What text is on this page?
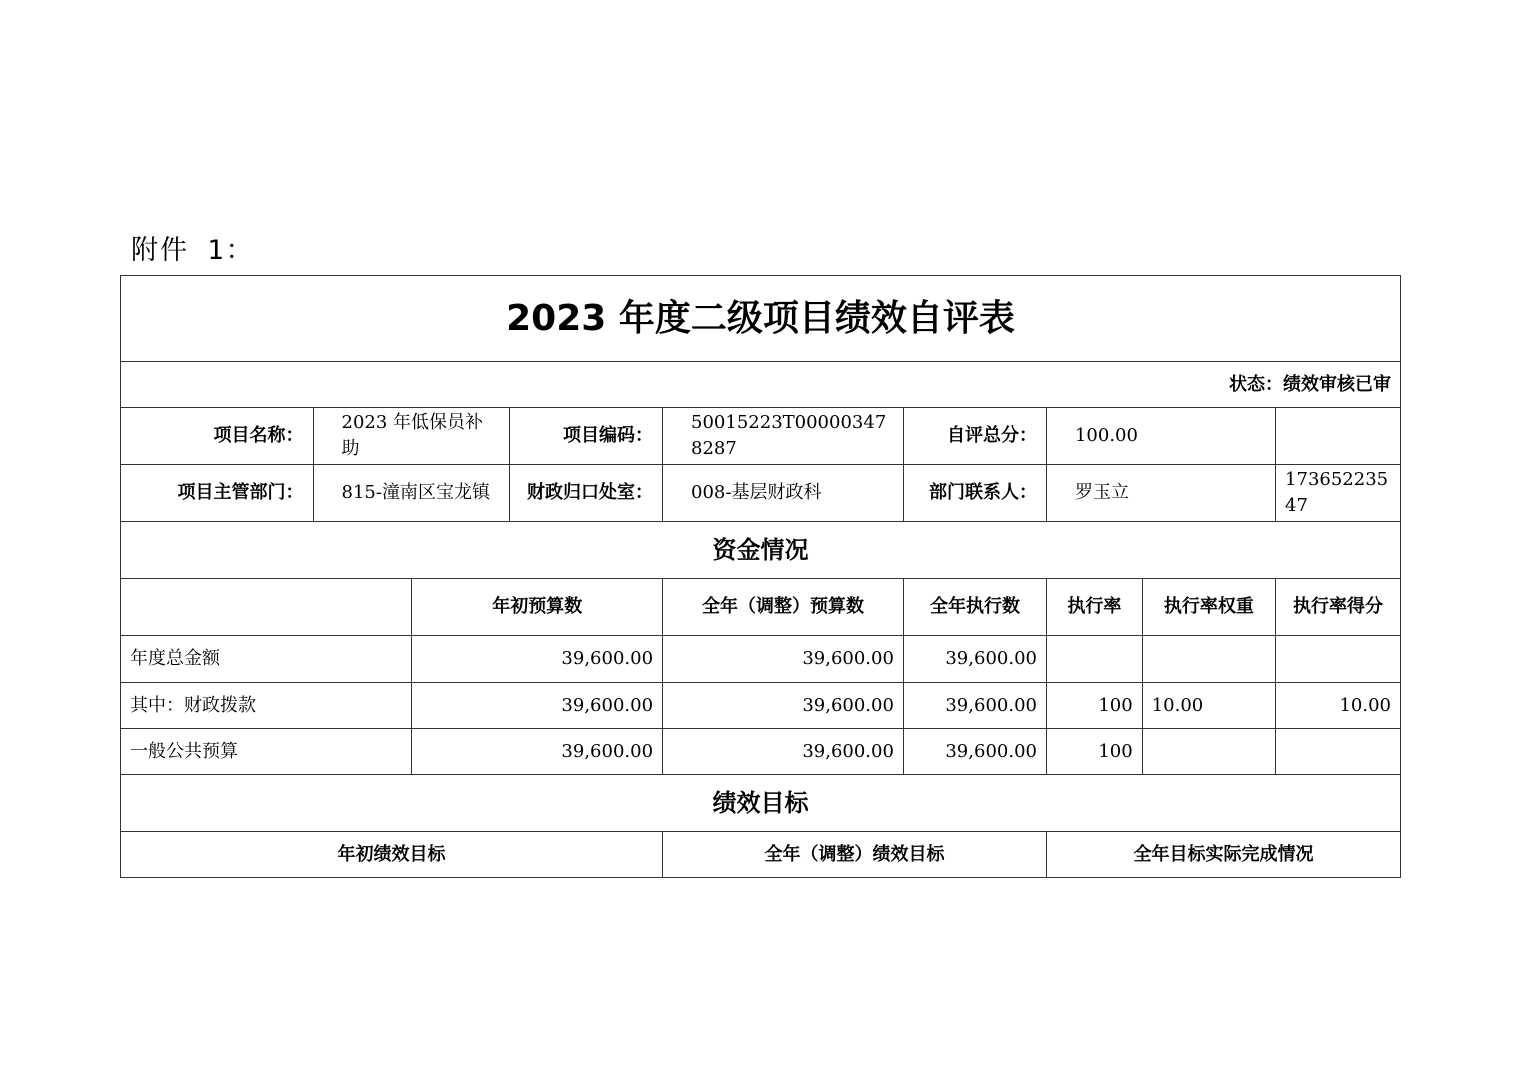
附件 1：
2023 年度二级项目绩效自评表								
状态：绩效审核已审								
项目名称：	2023 年低保员补助		项目编码：	50015223T000003478287	自评总分：	100.00		
项目主管部门：	815-潼南区宝龙镇		财政归口处室：	008-基层财政科	部门联系人：	罗玉立		17365223547
资金情况								
		年初预算数		全年（调整）预算数	全年执行数	执行率	执行率权重	执行率得分
年度总金额		39,600.00		39,600.00	39,600.00			
其中：财政拨款		39,600.00		39,600.00	39,600.00	100	10.00	10.00
一般公共预算		39,600.00		39,600.00	39,600.00	100		
绩效目标								
年初绩效目标				全年（调整）绩效目标		全年目标实际完成情况		
